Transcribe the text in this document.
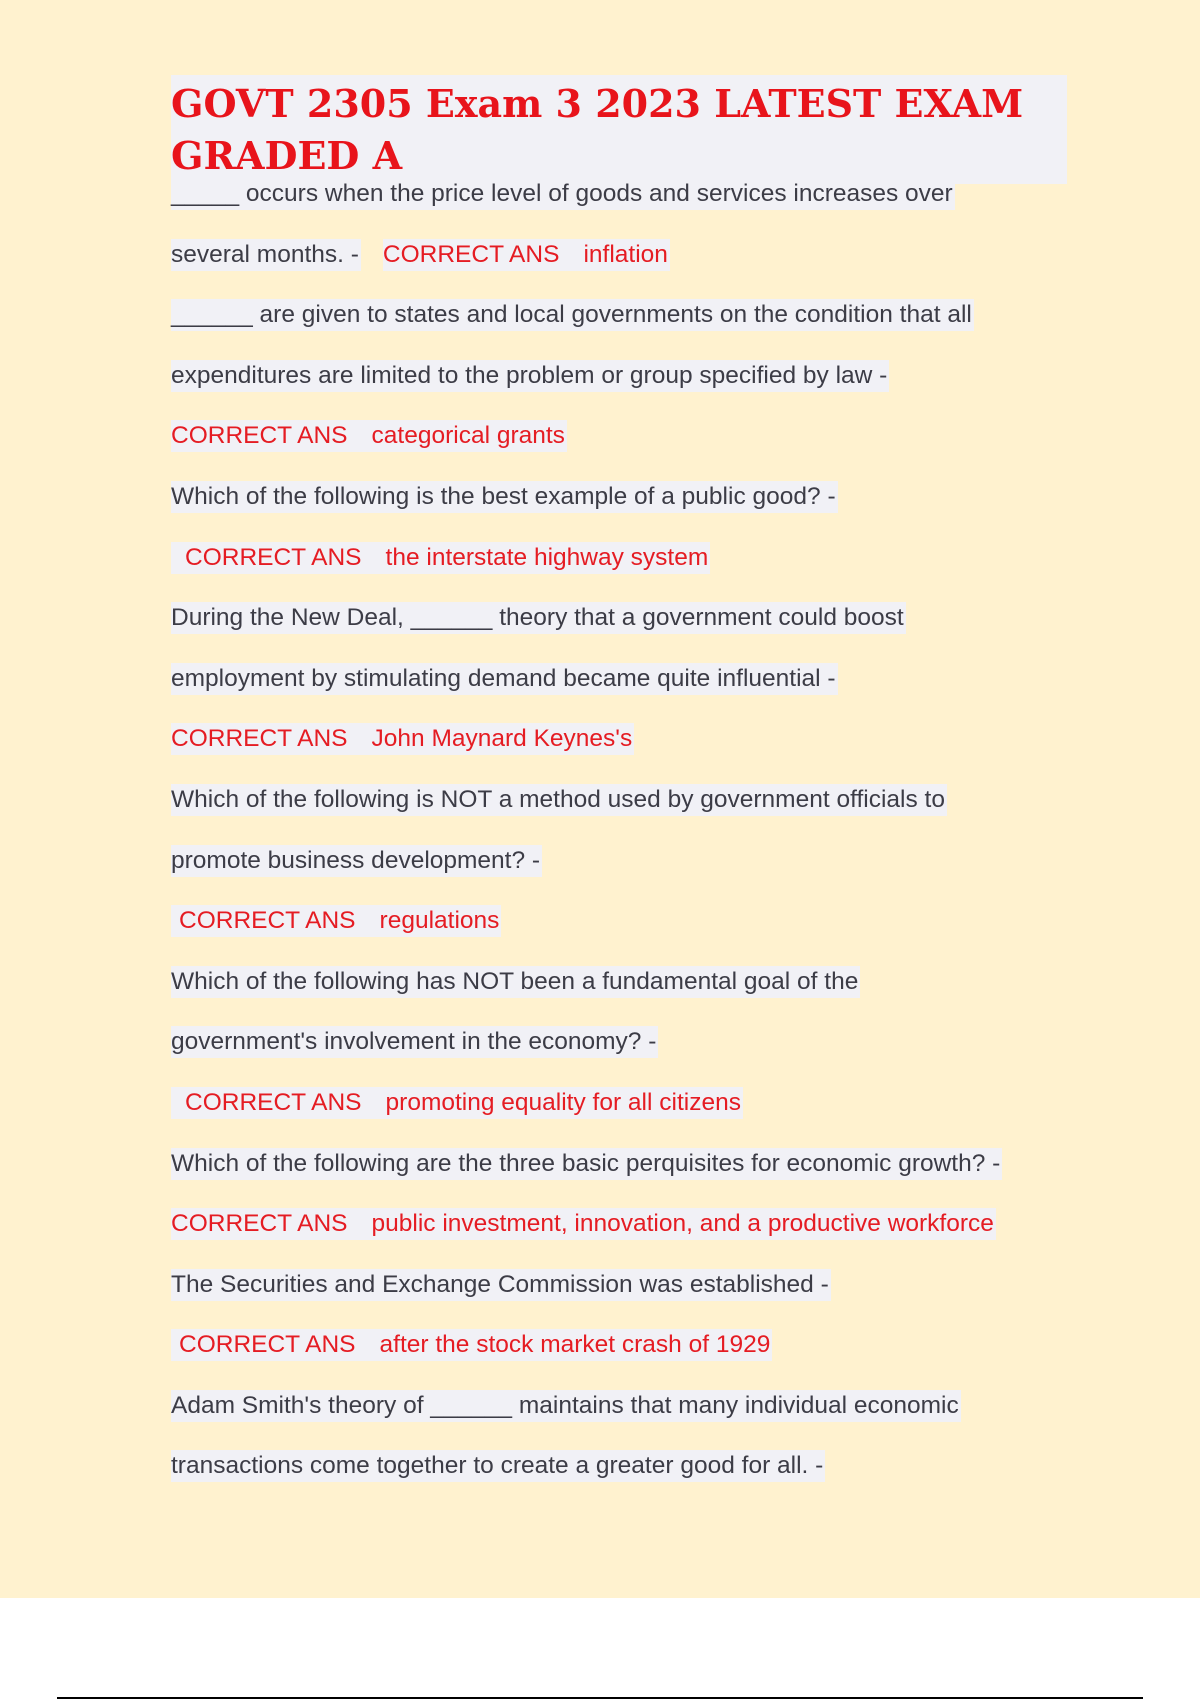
GOVT 2305 Exam 3 2023 LATEST EXAM GRADED A
_____ occurs when the price level of goods and services increases over
several months. - CORRECT ANS inflation
______ are given to states and local governments on the condition that all
expenditures are limited to the problem or group specified by law -
CORRECT ANS categorical grants
Which of the following is the best example of a public good? -
CORRECT ANS the interstate highway system
During the New Deal, ______ theory that a government could boost
employment by stimulating demand became quite influential -
CORRECT ANS John Maynard Keynes's
Which of the following is NOT a method used by government officials to
promote business development? -
CORRECT ANS regulations
Which of the following has NOT been a fundamental goal of the
government's involvement in the economy? -
CORRECT ANS promoting equality for all citizens
Which of the following are the three basic perquisites for economic growth? -
CORRECT ANS public investment, innovation, and a productive workforce
The Securities and Exchange Commission was established -
CORRECT ANS after the stock market crash of 1929
Adam Smith's theory of ______ maintains that many individual economic
transactions come together to create a greater good for all. -
